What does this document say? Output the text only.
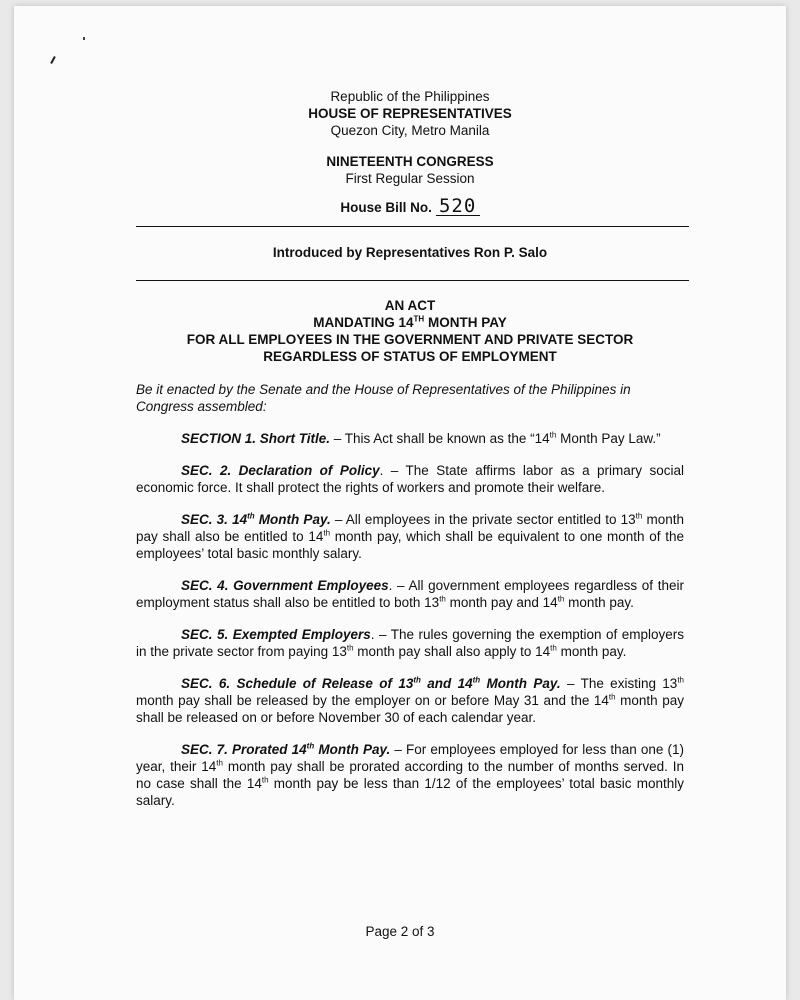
Republic of the Philippines
HOUSE OF REPRESENTATIVES
Quezon City, Metro Manila
NINETEENTH CONGRESS
First Regular Session
House Bill No. 520
Introduced by Representatives Ron P. Salo
AN ACT
MANDATING 14TH MONTH PAY
FOR ALL EMPLOYEES IN THE GOVERNMENT AND PRIVATE SECTOR
REGARDLESS OF STATUS OF EMPLOYMENT
Be it enacted by the Senate and the House of Representatives of the Philippines in Congress assembled:

SECTION 1. Short Title. – This Act shall be known as the “14th Month Pay Law.”

SEC. 2. Declaration of Policy. – The State affirms labor as a primary social economic force. It shall protect the rights of workers and promote their welfare.

SEC. 3. 14th Month Pay. – All employees in the private sector entitled to 13th month pay shall also be entitled to 14th month pay, which shall be equivalent to one month of the employees’ total basic monthly salary.

SEC. 4. Government Employees. – All government employees regardless of their employment status shall also be entitled to both 13th month pay and 14th month pay.

SEC. 5. Exempted Employers. – The rules governing the exemption of employers in the private sector from paying 13th month pay shall also apply to 14th month pay.

SEC. 6. Schedule of Release of 13th and 14th Month Pay. – The existing 13th month pay shall be released by the employer on or before May 31 and the 14th month pay shall be released on or before November 30 of each calendar year.

SEC. 7. Prorated 14th Month Pay. – For employees employed for less than one (1) year, their 14th month pay shall be prorated according to the number of months served. In no case shall the 14th month pay be less than 1/12 of the employees’ total basic monthly salary.

Page 2 of 3
